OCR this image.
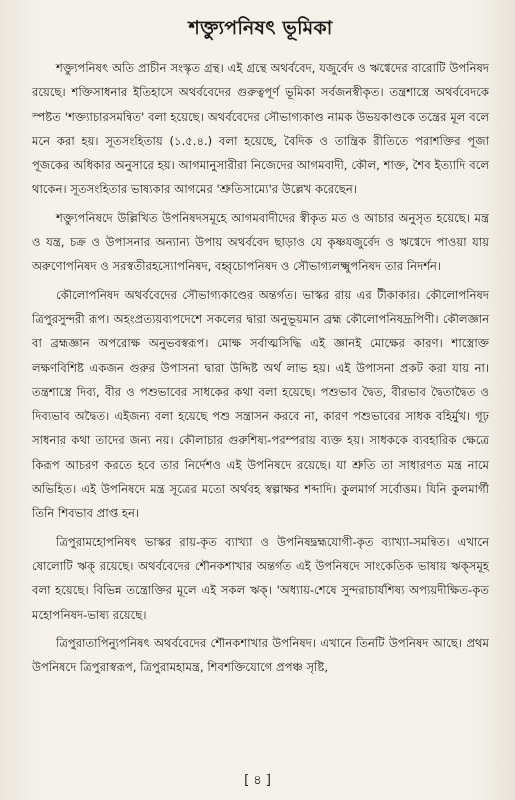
শক্ত্যুপনিষৎ ভূমিকা

শক্ত্যুপনিষৎ অতি প্রাচীন সংস্কৃত গ্রন্থ। এই গ্রন্থে অথর্ববেদ, যজুর্বেদ ও ঋগ্বেদের বারোটি উপনিষদ রয়েছে। শক্তিসাধনার ইতিহাসে অথর্ববেদের গুরুত্বপূর্ণ ভূমিকা সর্বজনস্বীকৃত। তন্ত্রশাস্ত্রে অথর্ববেদকে স্পষ্টত 'শক্ত্যাচারসমন্বিত' বলা হয়েছে। অথর্ববেদের সৌভাগ্যকাণ্ড নামক উভয়কাণ্ডকে তন্ত্রের মূল বলে মনে করা হয়। সূতসংহিতায় (১.৫.৪.) বলা হয়েছে, বৈদিক ও তান্ত্রিক রীতিতে পরাশক্তির পূজা পূজকের অধিকার অনুসারে হয়। আগমানুসারীরা নিজেদের আগমবাদী, কৌল, শাক্ত, শৈব ইত্যাদি বলে থাকেন। সূতসংহিতার ভাষ্যকার আগমের 'শ্রুতিসাম্যে'র উল্লেখ করেছেন।

শক্ত্যুপনিষদে উল্লিখিত উপনিষদসমূহে আগমবাদীদের স্বীকৃত মত ও আচার অনুসৃত হয়েছে। মন্ত্র ও যন্ত্র, চক্র ও উপাসনার অন্যান্য উপায় অথর্ববেদ ছাড়াও যে কৃষ্ণযজুর্বেদ ও ঋগ্বেদে পাওয়া যায় অরুণোপনিষদ ও সরস্বতীরহস্যোপনিষদ, বহ্বৃচোপনিষদ ও সৌভাগ্যলক্ষ্মুপনিষদ তার নিদর্শন।

কৌলোপনিষদ অথর্ববেদের সৌভাগ্যকাণ্ডের অন্তর্গত। ভাস্কর রায় এর টীকাকার। কৌলোপনিষদ ত্রিপুরসুন্দরী রূপ। অহংপ্রত্যয়ব্যপদেশে সকলের দ্বারা অনুভূয়মান ব্রহ্ম কৌলোপনিষদ্রূপিণী। কৌলজ্ঞান বা ব্রহ্মজ্ঞান অপরোক্ষ অনুভবস্বরূপ। মোক্ষ সর্বাত্মসিদ্ধি এই জ্ঞানই মোক্ষের কারণ। শাস্ত্রোক্ত লক্ষণবিশিষ্ট একজন গুরুর উপাসনা দ্বারা উদ্দিষ্ট অর্থ লাভ হয়। এই উপাসনা প্রকট করা যায় না। তন্ত্রশাস্ত্রে দিব্য, বীর ও পশুভাবের সাধকের কথা বলা হয়েছে। পশুভাব দ্বৈত, বীরভাব দ্বৈতাদ্বৈত ও দিব্যভাব অদ্বৈত। এইজন্য বলা হয়েছে পশু সন্ত্রাসন করবে না, কারণ পশুভাবের সাধক বহির্মুখ। গূঢ় সাধনার কথা তাদের জন্য নয়। কৌলাচার গুরুশিষ্য-পরম্পরায় ব্যক্ত হয়। সাধককে ব্যবহারিক ক্ষেত্রে কিরূপ আচরণ করতে হবে তার নির্দেশও এই উপনিষদে রয়েছে। যা শ্রুতি তা সাধারণত মন্ত্র নামে অভিহিত। এই উপনিষদে মন্ত্র সূত্রের মতো অর্থবহ স্বল্পাক্ষর শব্দাদি। কুলমার্গ সর্বোত্তম। যিনি কুলমার্গী তিনি শিবভাব প্রাপ্ত হন।

ত্রিপুরামহোপনিষৎ ভাস্কর রায়-কৃত ব্যাখ্যা ও উপনিষদ্ব্রহ্মযোগী-কৃত ব্যাখ্যা-সমন্বিত। এখানে ষোলোটি ঋক্ রয়েছে। অথর্ববেদের শৌনকশাখার অন্তর্গত এই উপনিষদে সাংকেতিক ভাষায় ঋক্‌সমূহ বলা হয়েছে। বিভিন্ন তন্ত্রোক্তির মূলে এই সকল ঋক্। 'অধ্যায়-শেষে সুন্দরাচার্যশিষ্য অপ্যয়দীক্ষিত-কৃত মহোপনিষদ-ভাষ্য রয়েছে।

ত্রিপুরাতাপিন্যুপনিষৎ অথর্ববেদের শৌনকশাখার উপনিষদ। এখানে তিনটি উপনিষদ আছে। প্রথম উপনিষদে ত্রিপুরাস্বরূপ, ত্রিপুরামহামন্ত্র, শিবশক্তিযোগে প্রপঞ্চ সৃষ্টি,

[ ৪ ]
